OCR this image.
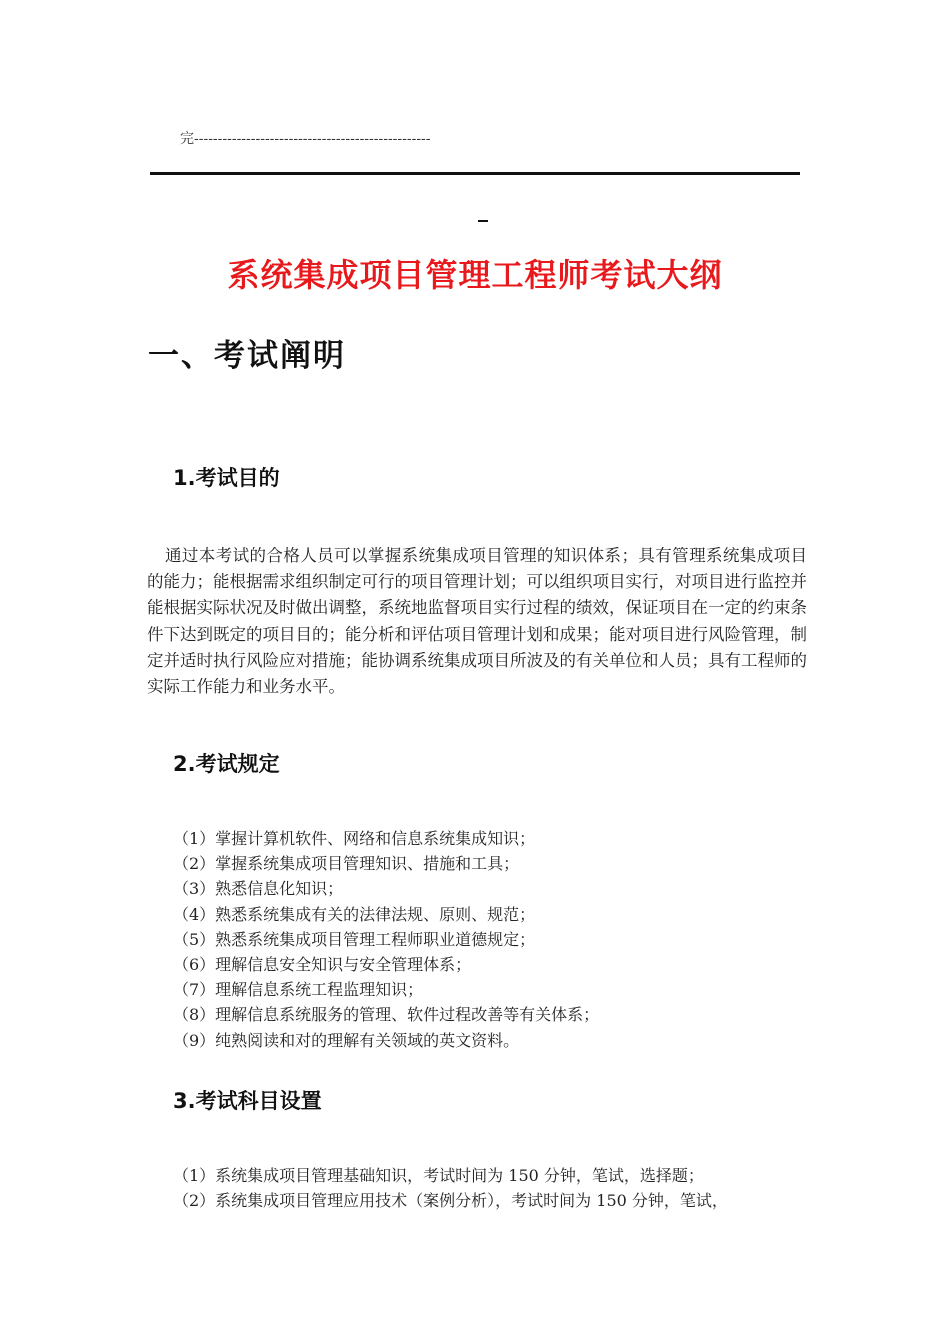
完--------------------------------------------------
系统集成项目管理工程师考试大纲
一、考试阐明
1.考试目的

通过本考试的合格人员可以掌握系统集成项目管理的知识体系；具有管理系统集成项目的能力；能根据需求组织制定可行的项目管理计划；可以组织项目实行，对项目进行监控并能根据实际状况及时做出调整，系统地监督项目实行过程的绩效，保证项目在一定的约束条件下达到既定的项目目的；能分析和评估项目管理计划和成果；能对项目进行风险管理，制定并适时执行风险应对措施；能协调系统集成项目所波及的有关单位和人员；具有工程师的实际工作能力和业务水平。

2.考试规定
（1）掌握计算机软件、网络和信息系统集成知识；
（2）掌握系统集成项目管理知识、措施和工具；
（3）熟悉信息化知识；
（4）熟悉系统集成有关的法律法规、原则、规范；
（5）熟悉系统集成项目管理工程师职业道德规定；
（6）理解信息安全知识与安全管理体系；
（7）理解信息系统工程监理知识；
（8）理解信息系统服务的管理、软件过程改善等有关体系；
（9）纯熟阅读和对的理解有关领域的英文资料。
3.考试科目设置
（1）系统集成项目管理基础知识，考试时间为 150 分钟，笔试，选择题；
（2）系统集成项目管理应用技术（案例分析），考试时间为 150 分钟，笔试，
